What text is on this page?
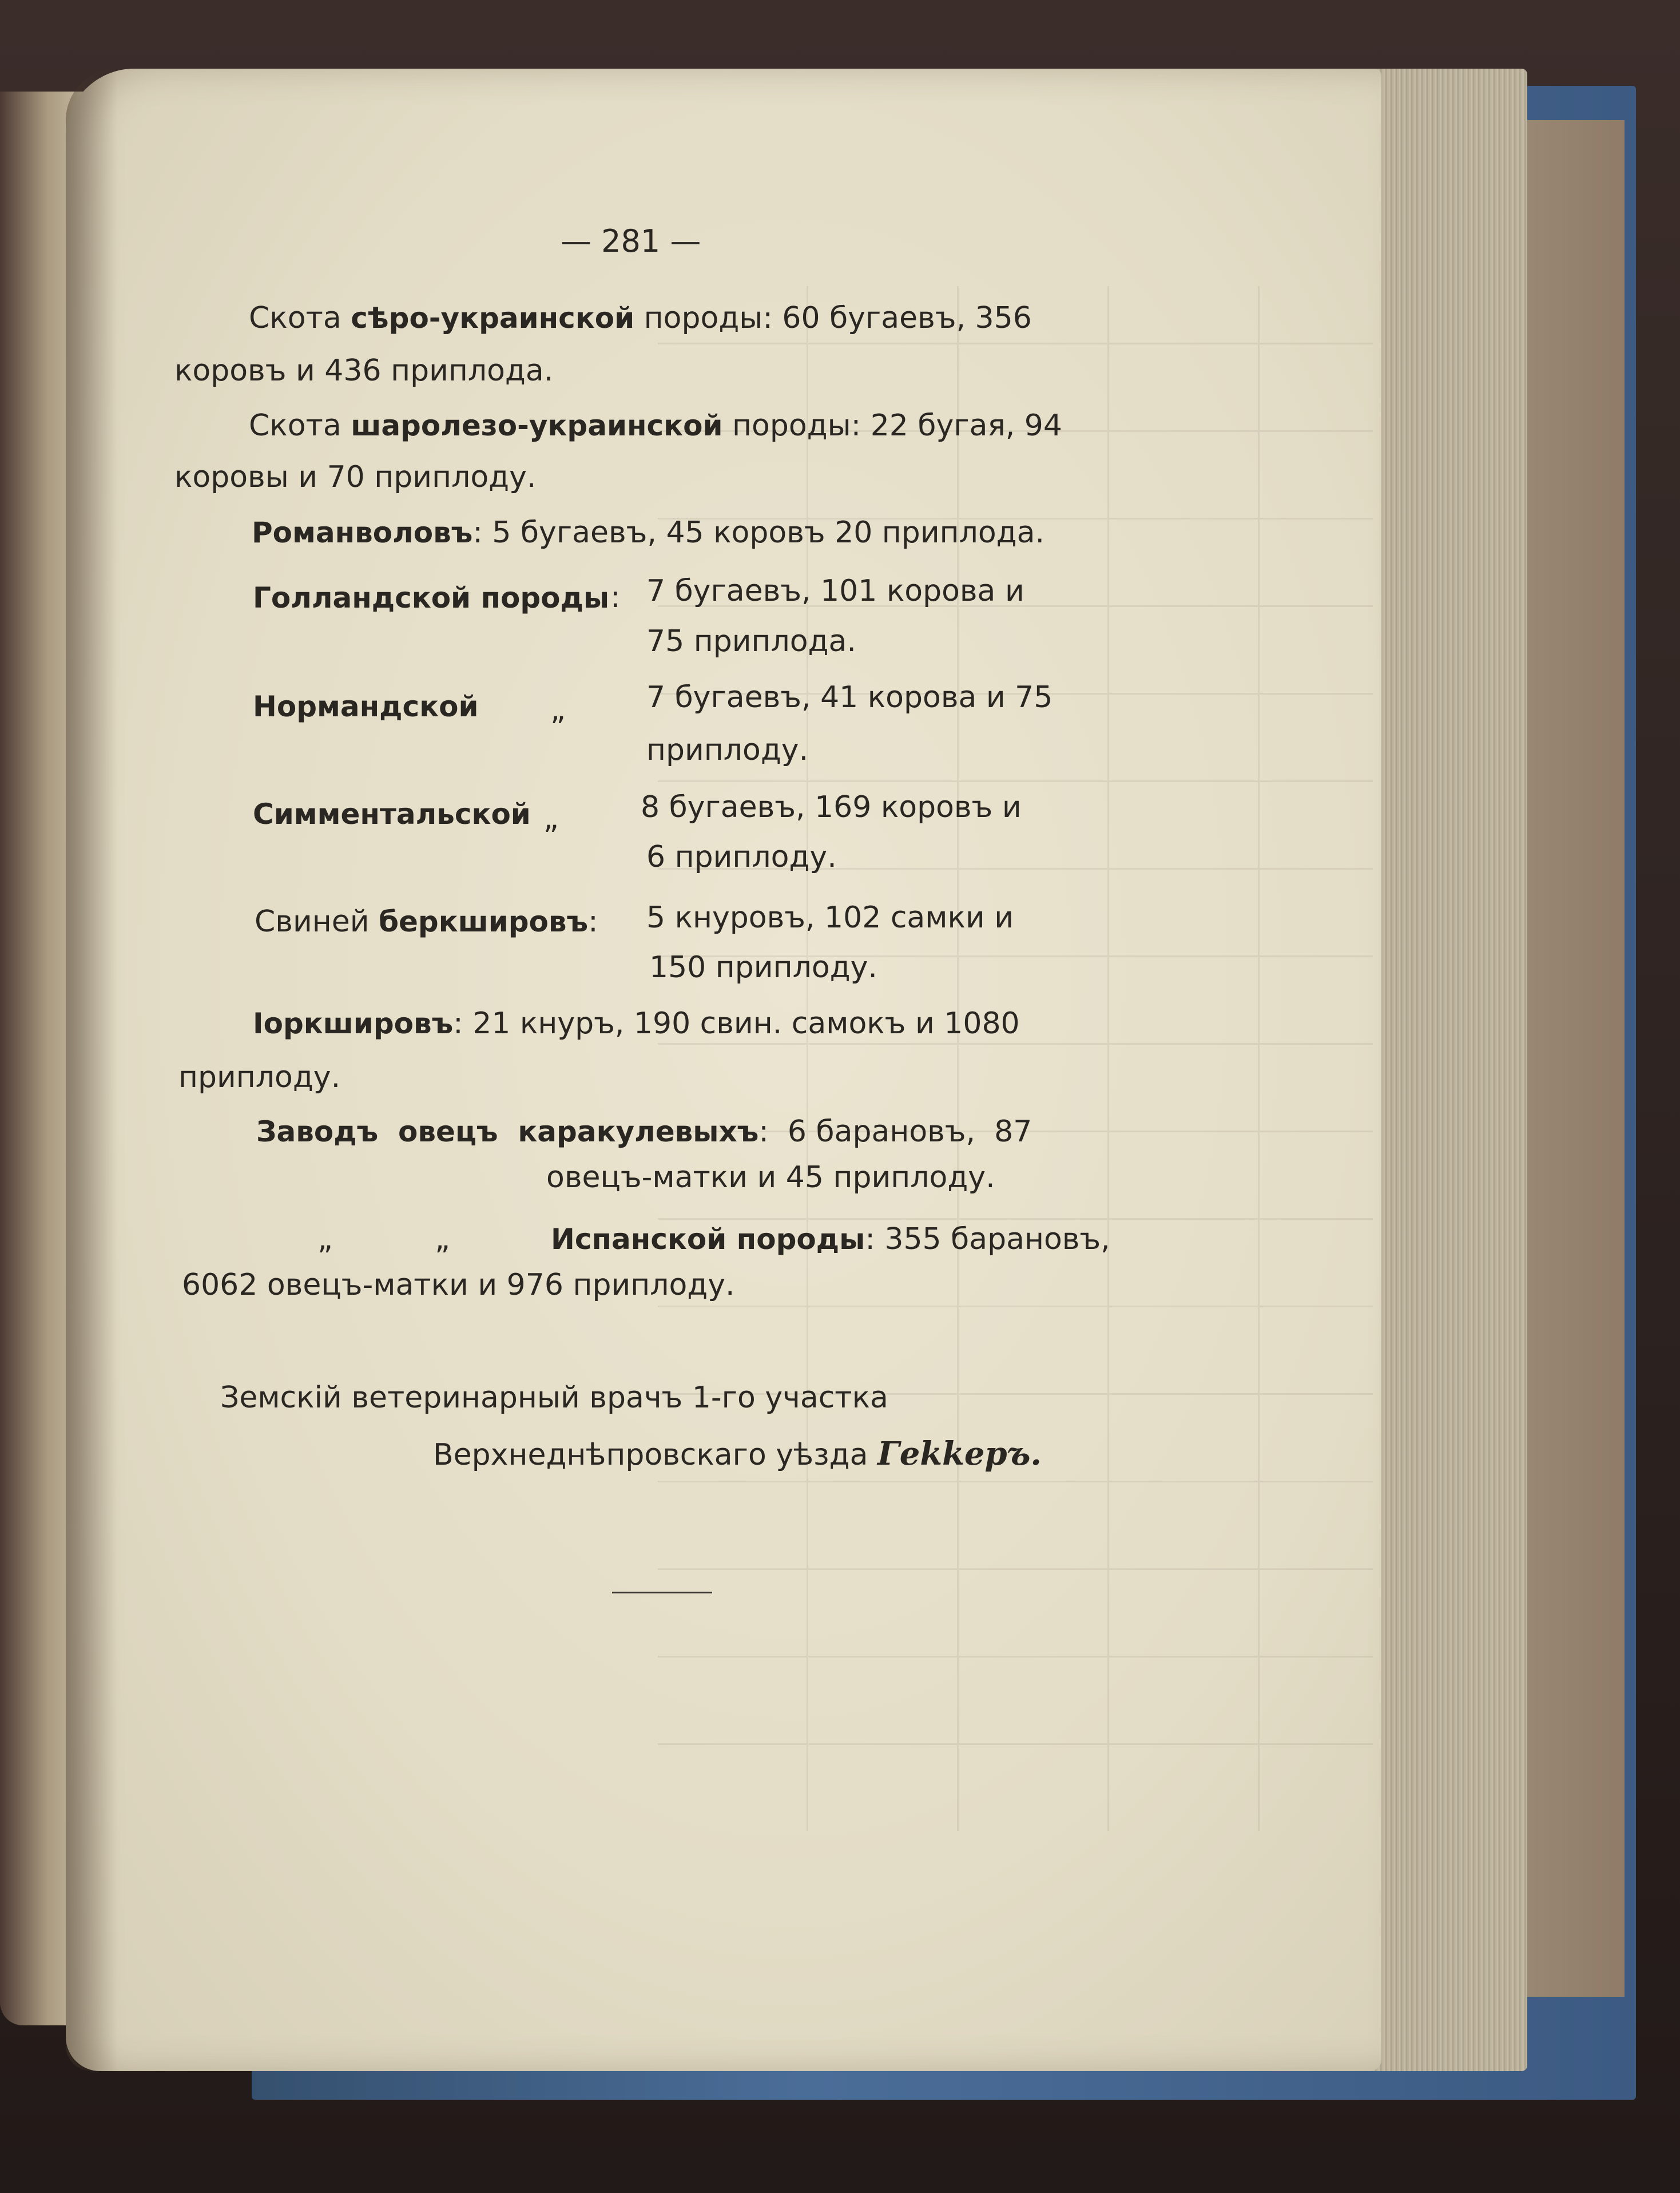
— 281 —
Скота сѣро-украинской породы: 60 бугаевъ, 356
коровъ и 436 приплода.
Скота шаролезо-украинской породы: 22 бугая, 94
коровы и 70 приплоду.
Романволовъ: 5 бугаевъ, 45 коровъ 20 приплода.
Голландской породы : 7 бугаевъ, 101 корова и
75 приплода.
Нормандской „	7 бугаевъ, 41 корова и 75
приплоду.
Симментальской „	8 бугаевъ, 169 коровъ и
6 приплоду.
Свиней беркшировъ: 5 кнуровъ, 102 самки и
150 приплоду.
Іоркшировъ: 21 кнуръ, 190 свин. самокъ и 1080
приплоду.
Заводъ  овецъ  каракулевыхъ:  6 барановъ,  87
овецъ-матки и 45 приплоду.
„	„	Испанской породы: 355 барановъ,
6062 овецъ-матки и 976 приплоду.
Земскій ветеринарный врачъ 1-го участка
Верхнеднѣпровскаго уѣзда Гekkepъ.
